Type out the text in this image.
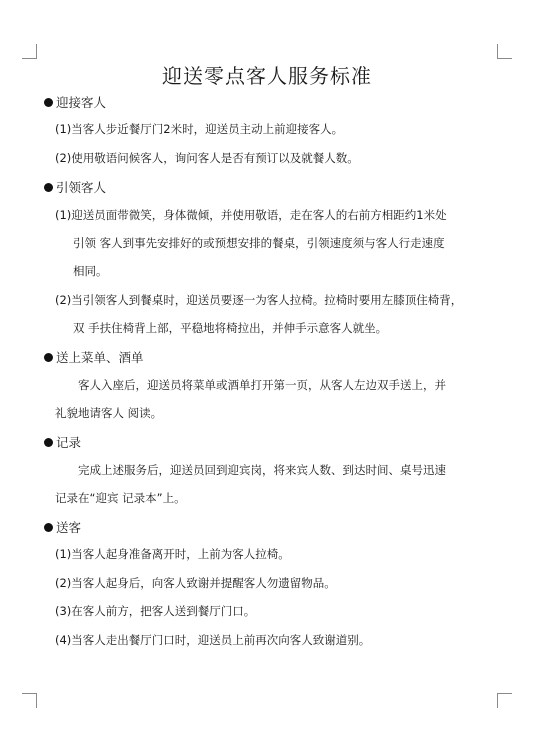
迎送零点客人服务标准
迎接客人
(1)当客人步近餐厅门2米时，迎送员主动上前迎接客人。
(2)使用敬语问候客人，询问客人是否有预订以及就餐人数。
引领客人
(1)迎送员面带微笑，身体微倾，并使用敬语，走在客人的右前方相距约1米处
引领 客人到事先安排好的或预想安排的餐桌，引领速度须与客人行走速度
相同。
(2)当引领客人到餐桌时，迎送员要逐一为客人拉椅。拉椅时要用左膝顶住椅背，
双 手扶住椅背上部，平稳地将椅拉出，并伸手示意客人就坐。
送上菜单、酒单
客人入座后，迎送员将菜单或酒单打开第一页，从客人左边双手送上，并
礼貌地请客人 阅读。
记录
完成上述服务后，迎送员回到迎宾岗，将来宾人数、到达时间、桌号迅速
记录在“迎宾 记录本”上。
送客
(1)当客人起身准备离开时，上前为客人拉椅。
(2)当客人起身后，向客人致谢并提醒客人勿遗留物品。
(3)在客人前方，把客人送到餐厅门口。
(4)当客人走出餐厅门口时，迎送员上前再次向客人致谢道别。
